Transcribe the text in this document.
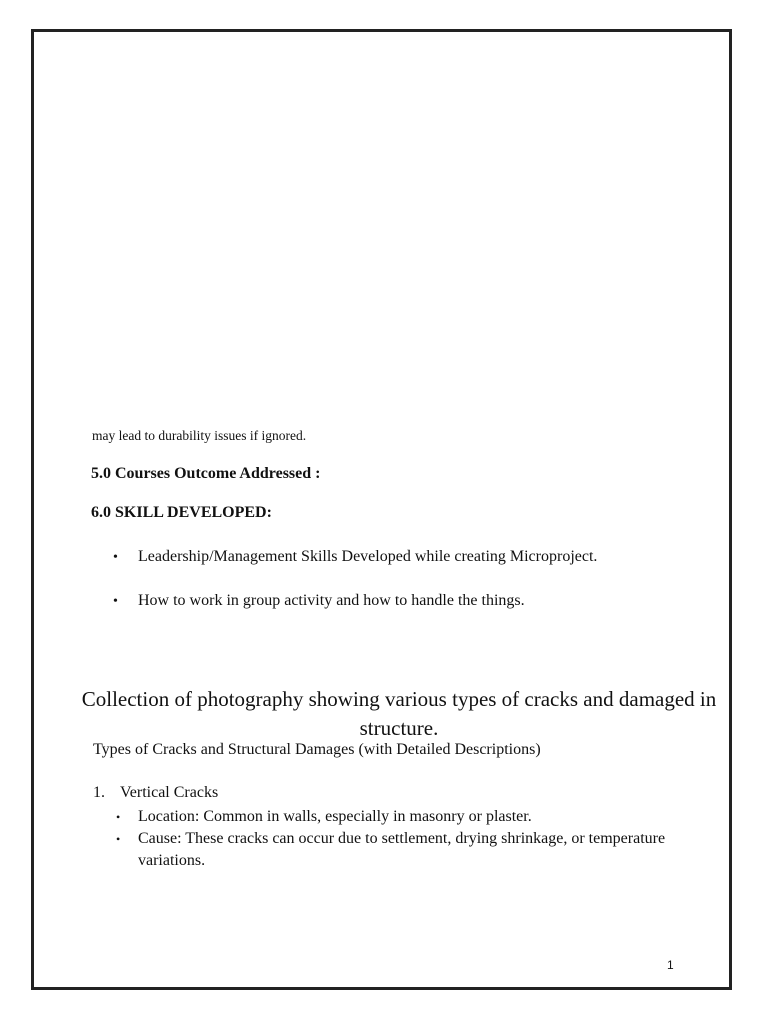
may lead to durability issues if ignored.

5.0 Courses Outcome Addressed :

6.0 SKILL DEVELOPED:

•	Leadership/Management Skills Developed while creating Microproject.
•	How to work in group activity and how to handle the things.

Collection of photography showing various types of cracks and damaged in structure.

Types of Cracks and Structural Damages (with Detailed Descriptions)

1. Vertical Cracks
•	Location: Common in walls, especially in masonry or plaster.
•	Cause: These cracks can occur due to settlement, drying shrinkage, or temperature variations.

1
